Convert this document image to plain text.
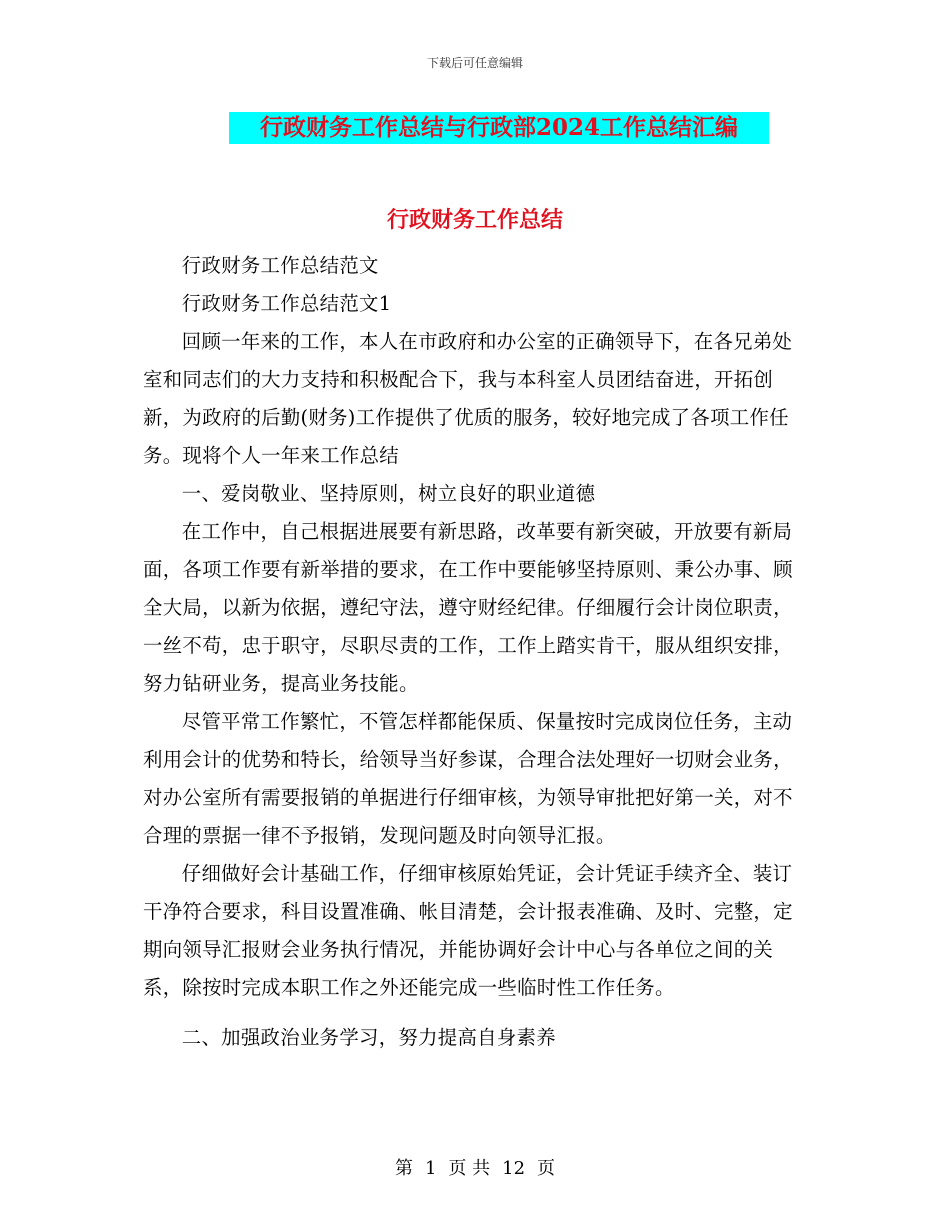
下载后可任意编辑
行政财务工作总结与行政部2024工作总结汇编
行政财务工作总结

行政财务工作总结范文

行政财务工作总结范文1

回顾一年来的工作，本人在市政府和办公室的正确领导下，在各兄弟处室和同志们的大力支持和积极配合下，我与本科室人员团结奋进，开拓创新，为政府的后勤(财务)工作提供了优质的服务，较好地完成了各项工作任务。现将个人一年来工作总结

一、爱岗敬业、坚持原则，树立良好的职业道德

在工作中，自己根据进展要有新思路，改革要有新突破，开放要有新局面，各项工作要有新举措的要求，在工作中要能够坚持原则、秉公办事、顾全大局，以新为依据，遵纪守法，遵守财经纪律。仔细履行会计岗位职责，一丝不苟，忠于职守，尽职尽责的工作，工作上踏实肯干，服从组织安排，努力钻研业务，提高业务技能。

尽管平常工作繁忙，不管怎样都能保质、保量按时完成岗位任务，主动利用会计的优势和特长，给领导当好参谋，合理合法处理好一切财会业务，对办公室所有需要报销的单据进行仔细审核，为领导审批把好第一关，对不合理的票据一律不予报销，发现问题及时向领导汇报。

仔细做好会计基础工作，仔细审核原始凭证，会计凭证手续齐全、装订干净符合要求，科目设置准确、帐目清楚，会计报表准确、及时、完整，定期向领导汇报财会业务执行情况，并能协调好会计中心与各单位之间的关系，除按时完成本职工作之外还能完成一些临时性工作任务。

二、加强政治业务学习，努力提高自身素养

第 1 页 共 12 页
